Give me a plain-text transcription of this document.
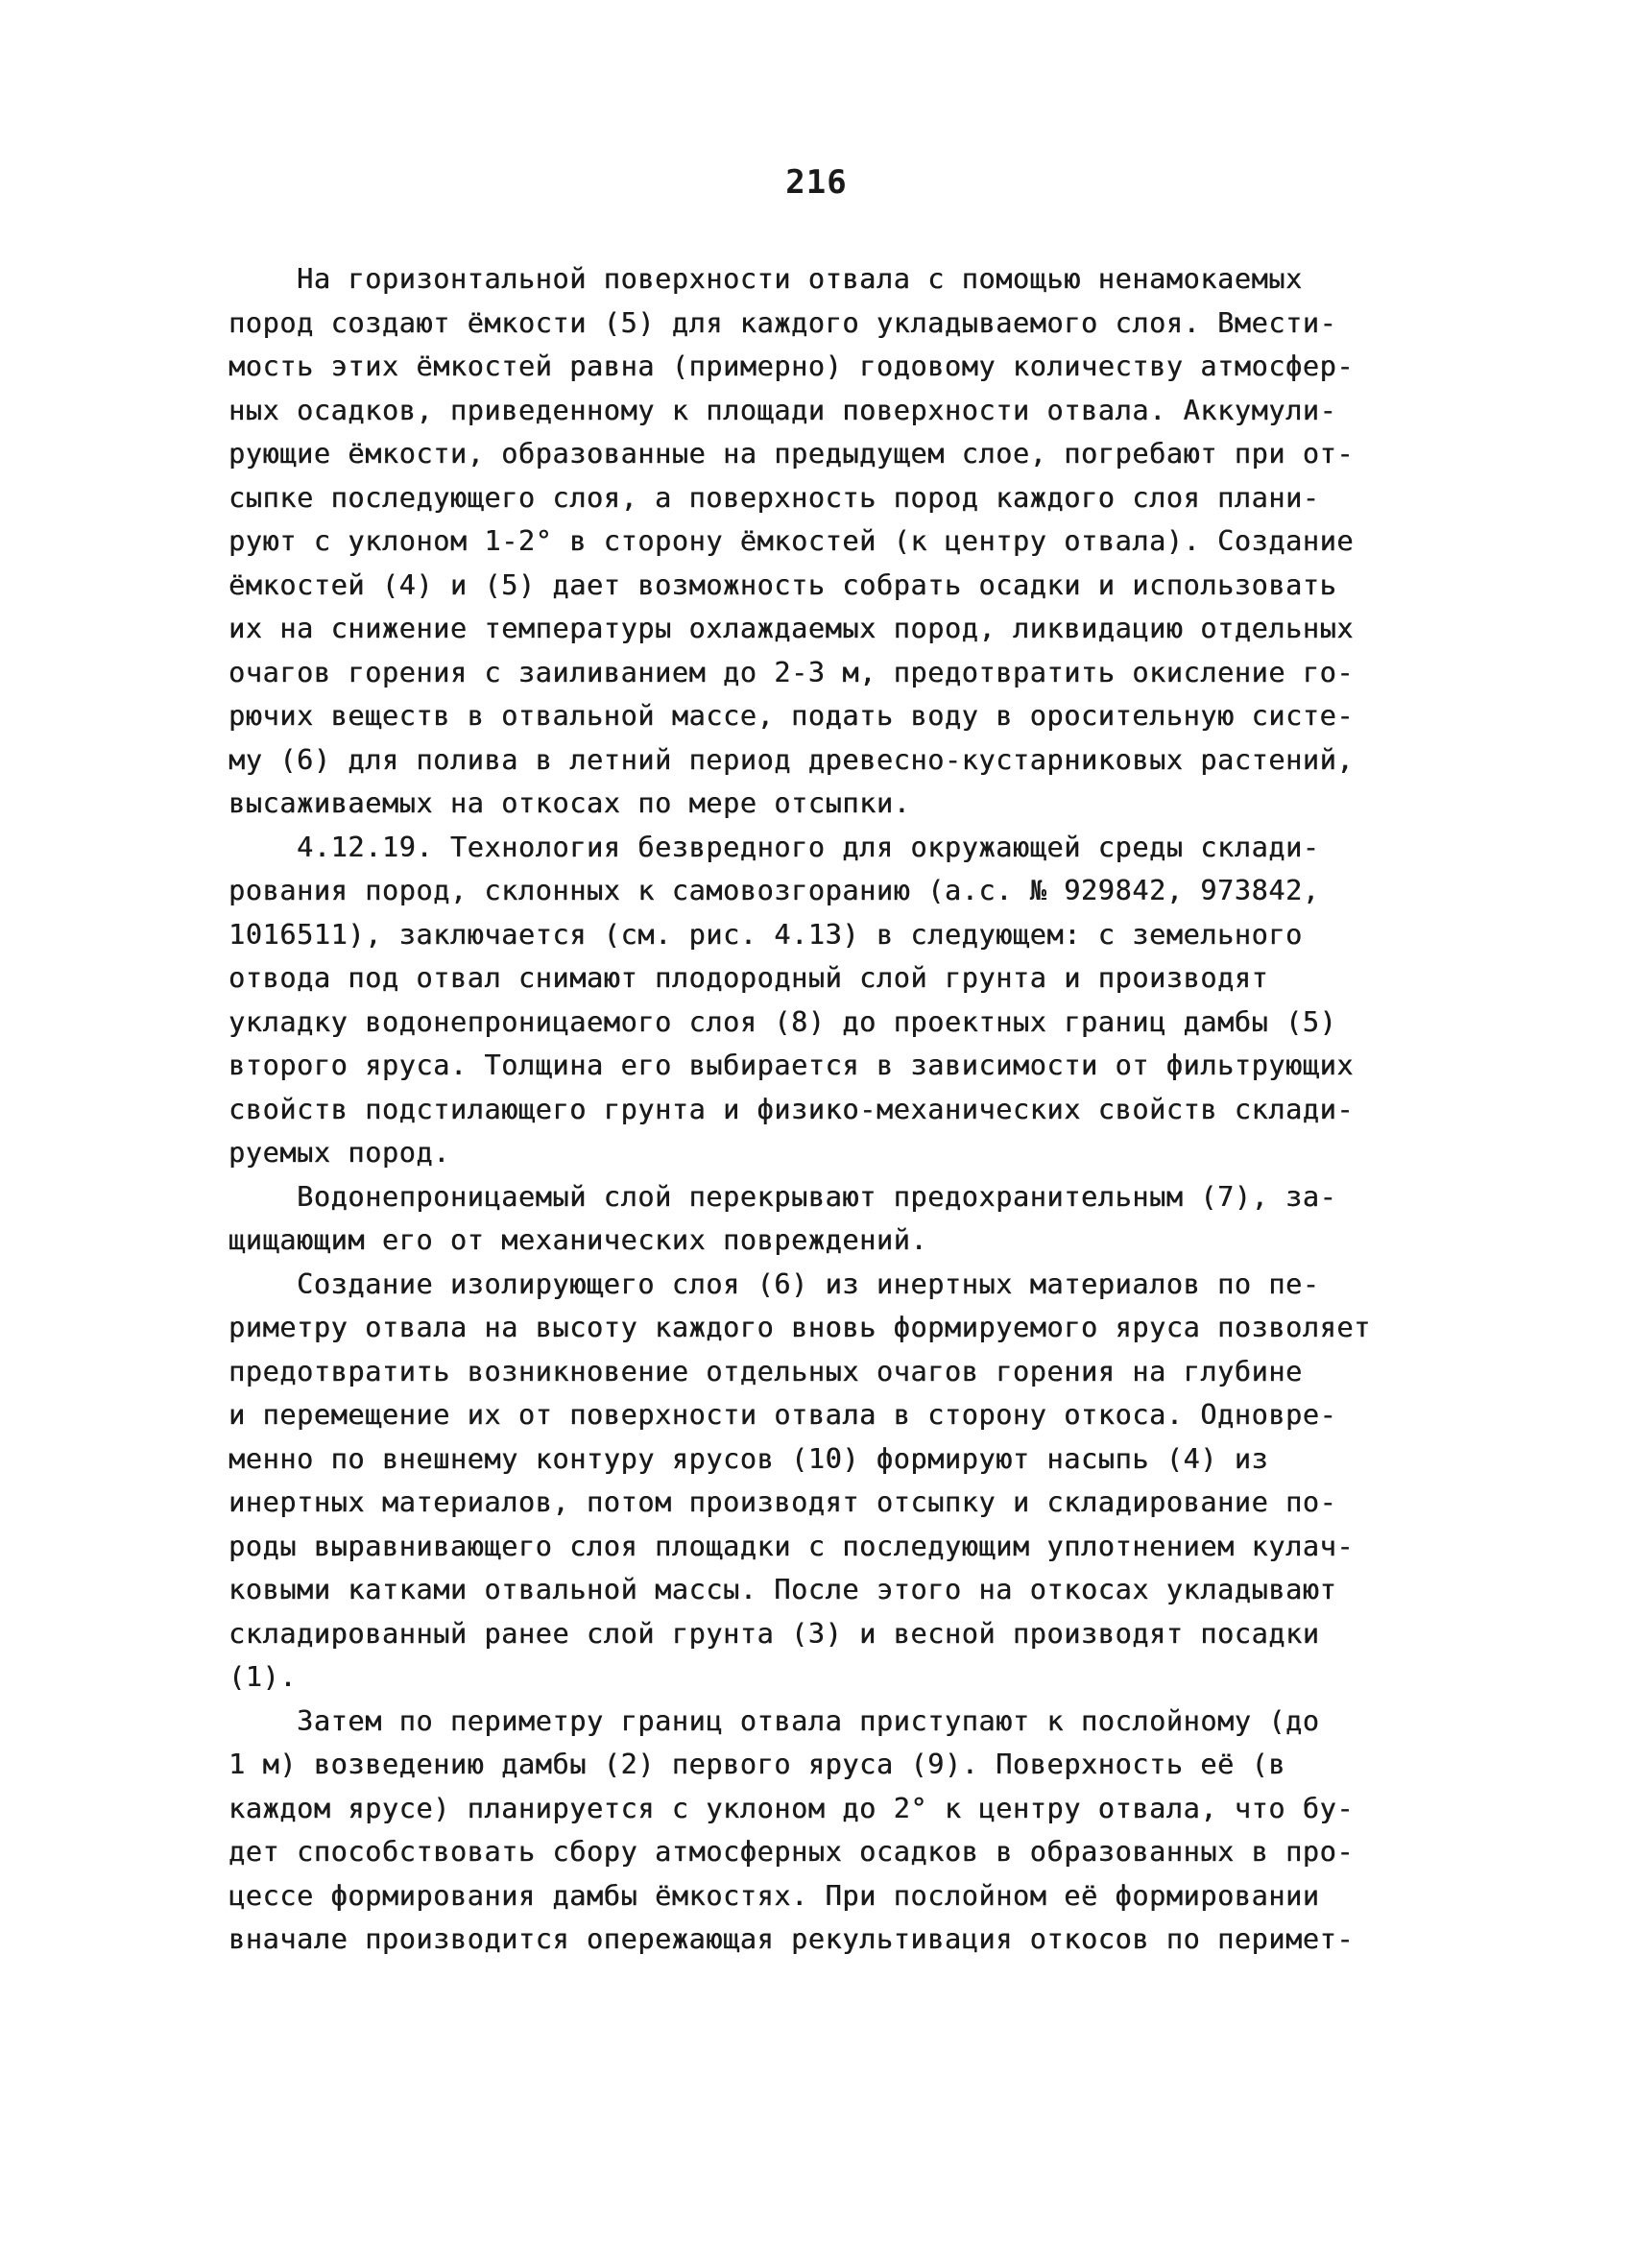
216
На горизонтальной поверхности отвала с помощью ненамокаемых
пород создают ёмкости (5) для каждого укладываемого слоя. Вмести-
мость этих ёмкостей равна (примерно) годовому количеству атмосфер-
ных осадков, приведенному к площади поверхности отвала. Аккумули-
рующие ёмкости, образованные на предыдущем слое, погребают при от-
сыпке последующего слоя, а поверхность пород каждого слоя плани-
руют с уклоном 1-2° в сторону ёмкостей (к центру отвала). Создание
ёмкостей (4) и (5) дает возможность собрать осадки и использовать
их на снижение температуры охлаждаемых пород, ликвидацию отдельных
очагов горения с заиливанием до 2-3 м, предотвратить окисление го-
рючих веществ в отвальной массе, подать воду в оросительную систе-
му (6) для полива в летний период древесно-кустарниковых растений,
высаживаемых на откосах по мере отсыпки.
4.12.19. Технология безвредного для окружающей среды склади-
рования пород, склонных к самовозгоранию (а.с. № 929842, 973842,
1016511), заключается (см. рис. 4.13) в следующем: с земельного
отвода под отвал снимают плодородный слой грунта и производят
укладку водонепроницаемого слоя (8) до проектных границ дамбы (5)
второго яруса. Толщина его выбирается в зависимости от фильтрующих
свойств подстилающего грунта и физико-механических свойств склади-
руемых пород.
Водонепроницаемый слой перекрывают предохранительным (7), за-
щищающим его от механических повреждений.
Создание изолирующего слоя (6) из инертных материалов по пе-
риметру отвала на высоту каждого вновь формируемого яруса позволяет
предотвратить возникновение отдельных очагов горения на глубине
и перемещение их от поверхности отвала в сторону откоса. Одновре-
менно по внешнему контуру ярусов (10) формируют насыпь (4) из
инертных материалов, потом производят отсыпку и складирование по-
роды выравнивающего слоя площадки с последующим уплотнением кулач-
ковыми катками отвальной массы. После этого на откосах укладывают
складированный ранее слой грунта (3) и весной производят посадки
(1).
Затем по периметру границ отвала приступают к послойному (до
1 м) возведению дамбы (2) первого яруса (9). Поверхность её (в
каждом ярусе) планируется с уклоном до 2° к центру отвала, что бу-
дет способствовать сбору атмосферных осадков в образованных в про-
цессе формирования дамбы ёмкостях. При послойном её формировании
вначале производится опережающая рекультивация откосов по перимет-
